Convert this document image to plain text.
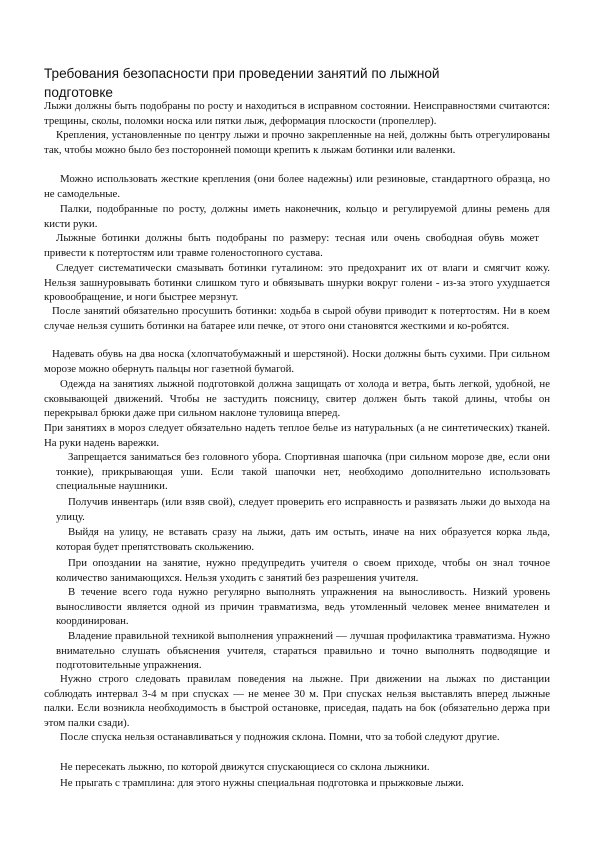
Требования безопасности при проведении занятий по лыжной подготовке

Лыжи должны быть подобраны по росту и находиться в исправном состоянии. Неисправностями считаются: трещины, сколы, поломки носка или пятки лыж, деформация плоскости (пропеллер).

Крепления, установленные по центру лыжи и прочно закрепленные на ней, должны быть отрегулированы так, чтобы можно было без посторонней помощи крепить к лыжам ботинки или валенки.

Можно использовать жесткие крепления (они более надежны) или резиновые, стандартного образца, но не самодельные.

Палки, подобранные по росту, должны иметь наконечник, кольцо и регулируемой длины ремень для кисти руки.

Лыжные ботинки должны быть подобраны по размеру: тесная или очень свободная обувь может привести к потертостям или травме голеностопного сустава.

Следует систематически смазывать ботинки гуталином: это предохранит их от влаги и смягчит кожу. Нельзя зашнуровывать ботинки слишком туго и обвязывать шнурки вокруг голени - из-за этого ухудшается кровообращение, и ноги быстрее мерзнут.

После занятий обязательно просушить ботинки: ходьба в сырой обуви приводит к потертостям. Ни в коем случае нельзя сушить ботинки на батарее или печке, от этого они становятся жесткими и ко-робятся.

Надевать обувь на два носка (хлопчатобумажный и шерстяной). Носки должны быть сухими. При сильном морозе можно обернуть пальцы ног газетной бумагой.

Одежда на занятиях лыжной подготовкой должна защищать от холода и ветра, быть легкой, удобной, не сковывающей движений. Чтобы не застудить поясницу, свитер должен быть такой длины, чтобы он перекрывал брюки даже при сильном наклоне туловища вперед.

При занятиях в мороз следует обязательно надеть теплое белье из натуральных (а не синтетических) тканей. На руки надень варежки.

Запрещается заниматься без головного убора. Спортивная шапочка (при сильном морозе две, если они тонкие), прикрывающая уши. Если такой шапочки нет, необходимо дополнительно использовать специальные наушники.

Получив инвентарь (или взяв свой), следует проверить его исправность и развязать лыжи до выхода на улицу.

Выйдя на улицу, не вставать сразу на лыжи, дать им остыть, иначе на них образуется корка льда, которая будет препятствовать скольжению.

При опоздании на занятие, нужно предупредить учителя о своем приходе, чтобы он знал точное количество занимающихся. Нельзя уходить с занятий без разрешения учителя.

В течение всего года нужно регулярно выполнять упражнения на выносливость. Низкий уровень выносливости является одной из причин травматизма, ведь утомленный человек менее внимателен и координирован.

Владение правильной техникой выполнения упражнений — лучшая профилактика травматизма. Нужно внимательно слушать объяснения учителя, стараться правильно и точно выполнять подводящие и подготовительные упражнения.

Нужно строго следовать правилам поведения на лыжне. При движении на лыжах по дистанции соблюдать интервал 3-4 м при спусках — не менее 30 м. При спусках нельзя выставлять вперед лыжные палки. Если возникла необходимость в быстрой остановке, приседая, падать на бок (обязательно держа при этом палки сзади).

После спуска нельзя останавливаться у подножия склона. Помни, что за тобой следуют другие.

Не пересекать лыжню, по которой движутся спускающиеся со склона лыжники.

Не прыгать с трамплина: для этого нужны специальная подготовка и прыжковые лыжи.
